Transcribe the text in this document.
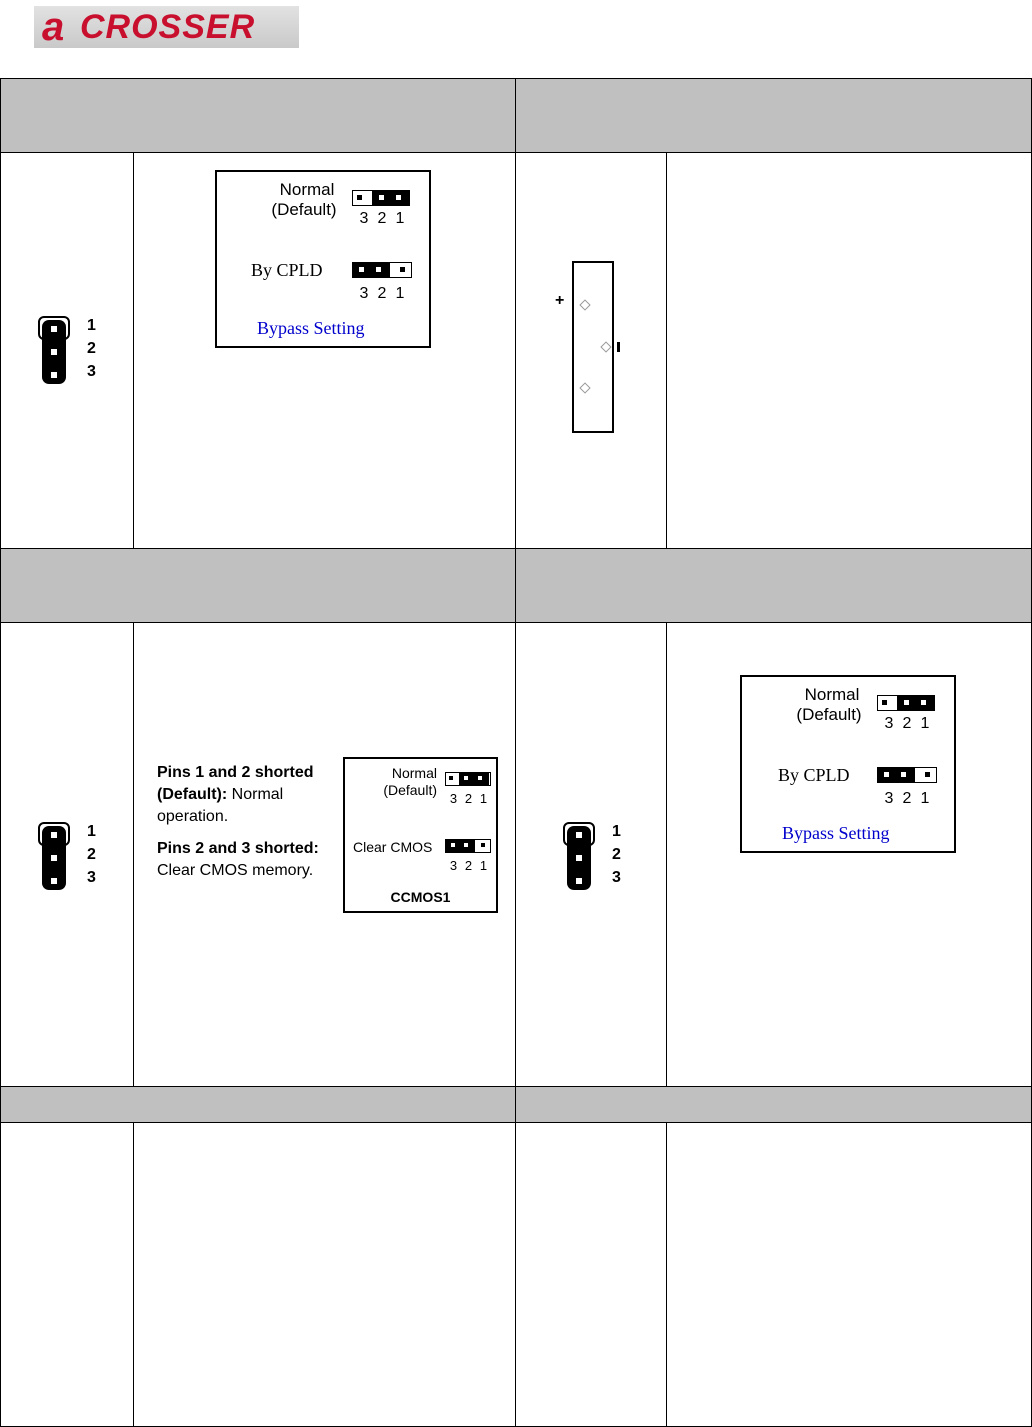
a CROSSER
1
2
3
Normal
(Default)	3 2 1
By CPLD
3 2 1
Bypass Setting
+
1
2
3
Pins 1 and 2 shorted
(Default): Normal
operation.
Pins 2 and 3 shorted:
Clear CMOS memory.
Normal
(Default)
3 2 1
Clear CMOS
3 2 1
CCMOS1
1
2
3
Normal
(Default)	3 2 1
By CPLD
3 2 1
Bypass Setting
